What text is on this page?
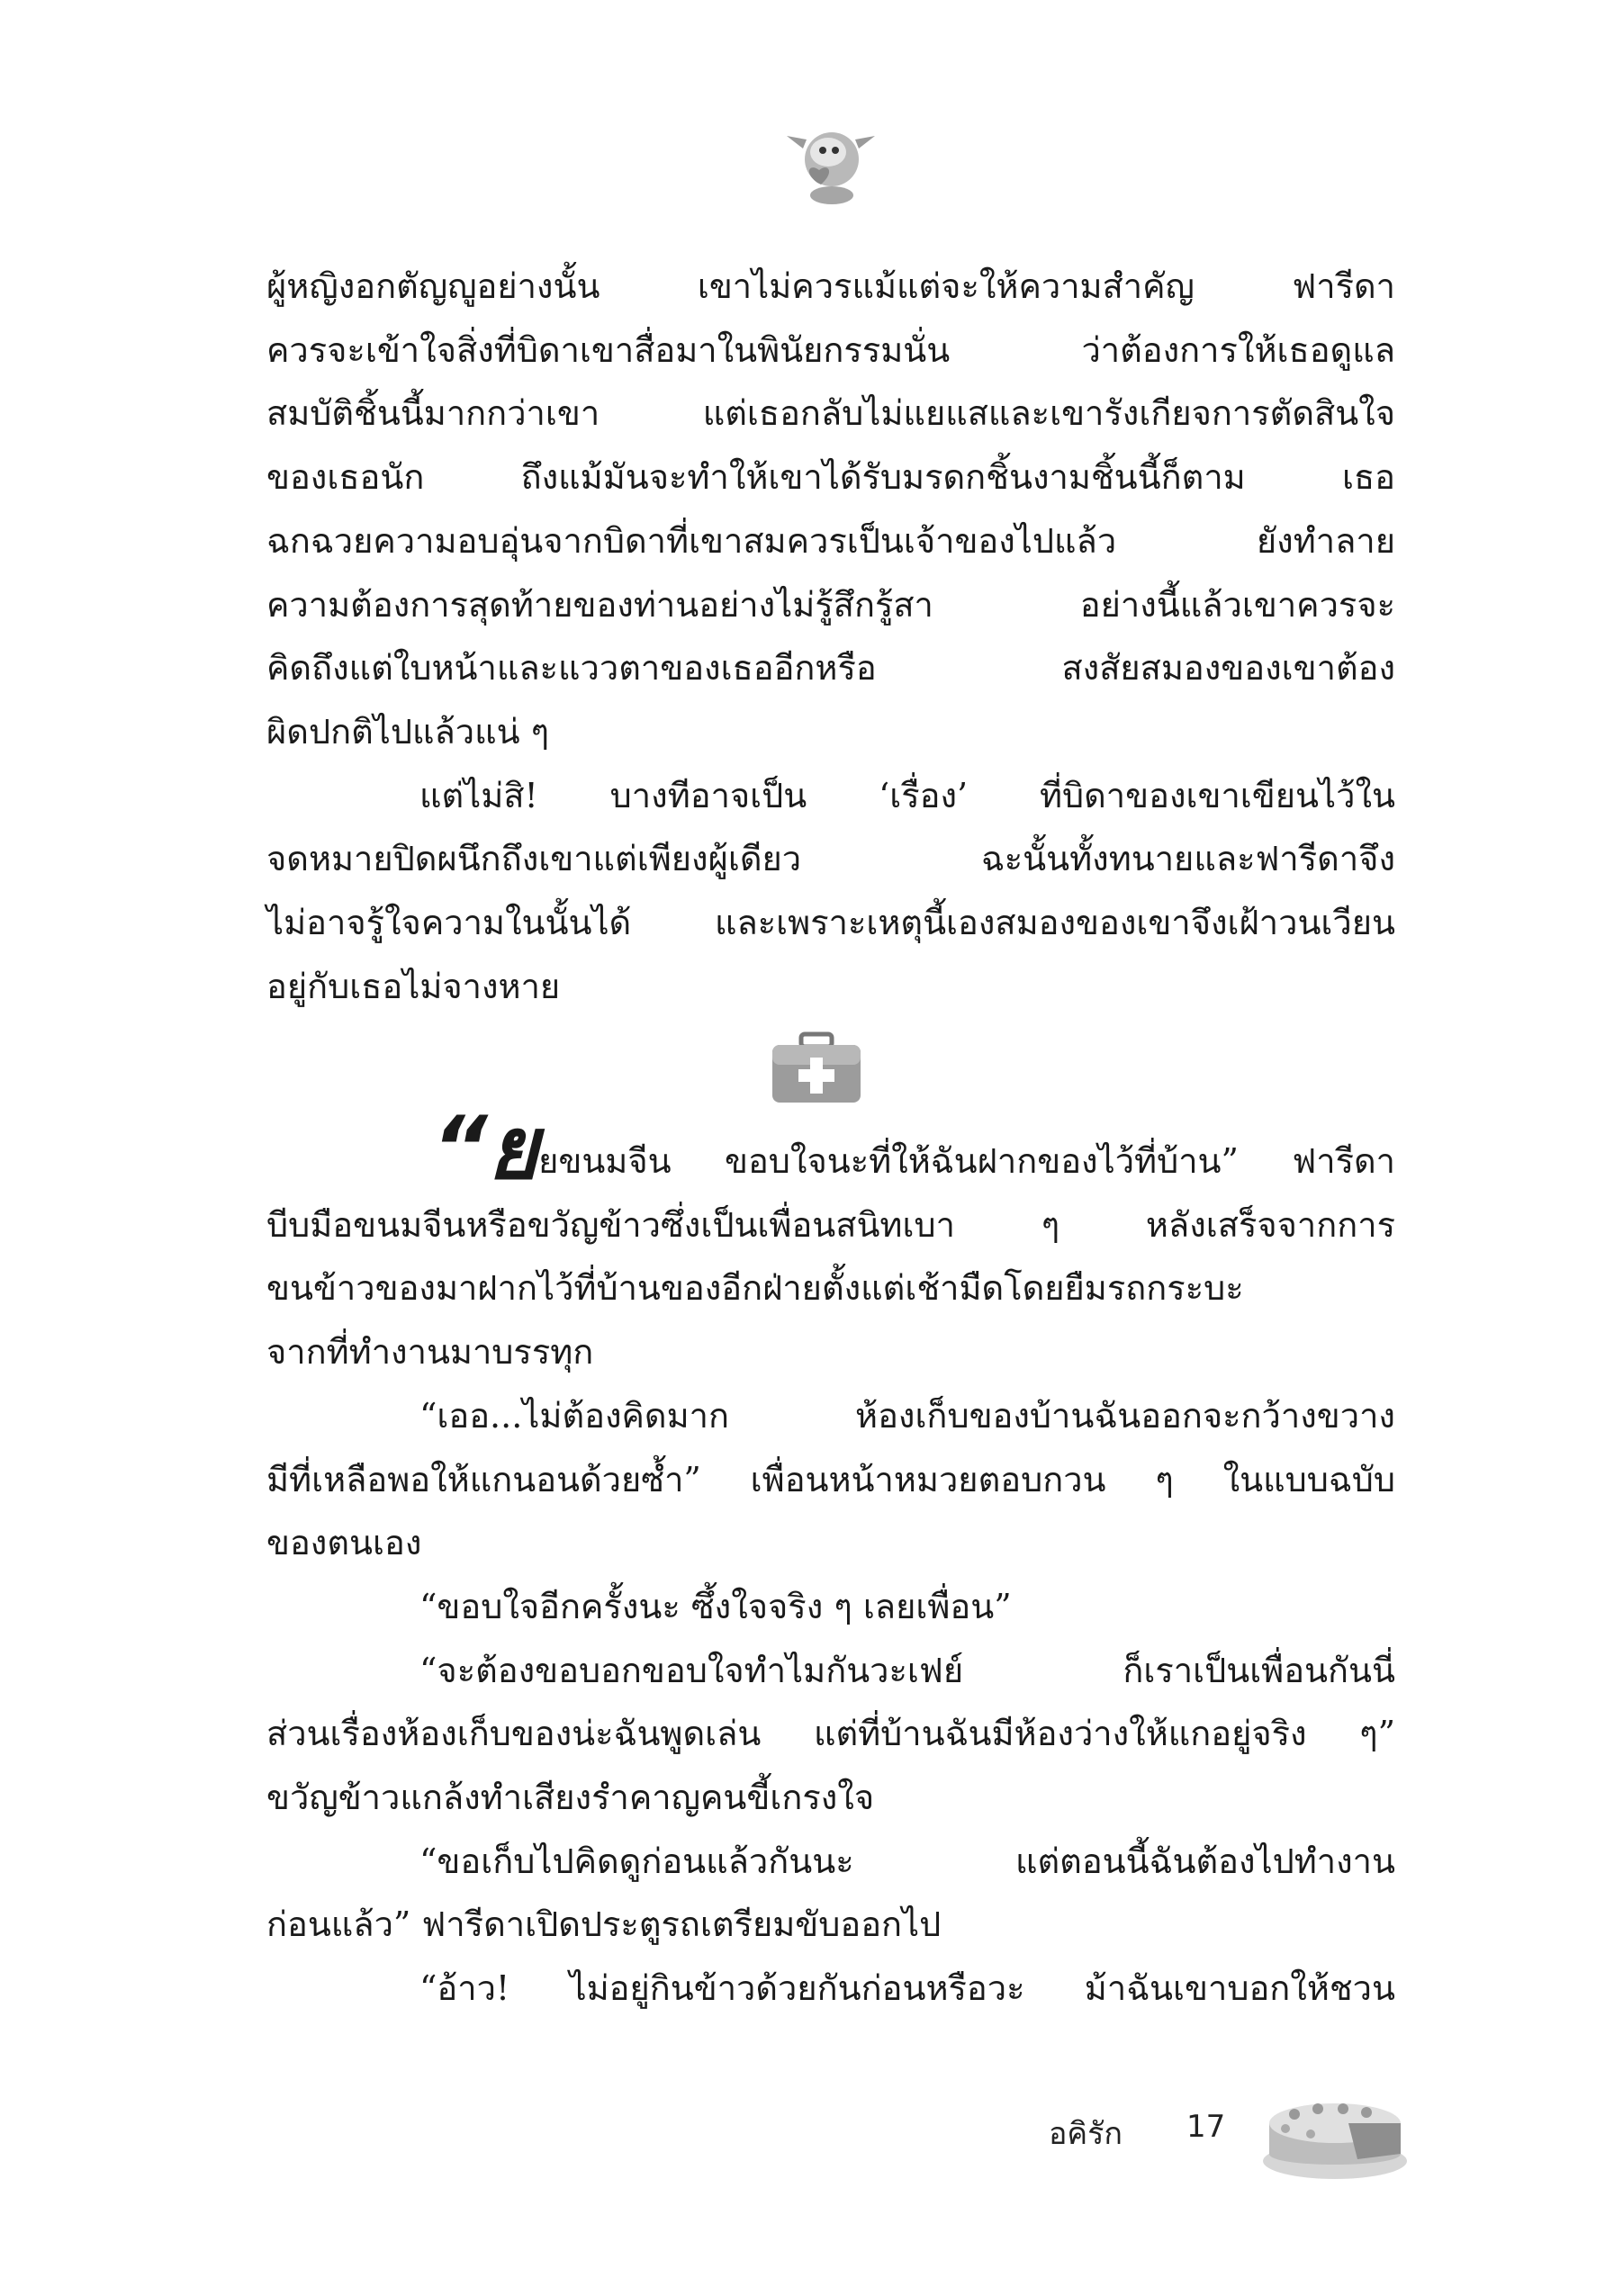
ผู้หญิงอกตัญญูอย่างนั้น เขาไม่ควรแม้แต่จะให้ความสำคัญ ฟารีดา

ควรจะเข้าใจสิ่งที่บิดาเขาสื่อมาในพินัยกรรมนั่น ว่าต้องการให้เธอดูแล

สมบัติชิ้นนี้มากกว่าเขา แต่เธอกลับไม่แยแสและเขารังเกียจการตัดสินใจ

ของเธอนัก ถึงแม้มันจะทำให้เขาได้รับมรดกชิ้นงามชิ้นนี้ก็ตาม เธอ

ฉกฉวยความอบอุ่นจากบิดาที่เขาสมควรเป็นเจ้าของไปแล้ว ยังทำลาย

ความต้องการสุดท้ายของท่านอย่างไม่รู้สึกรู้สา อย่างนี้แล้วเขาควรจะ

คิดถึงแต่ใบหน้าและแววตาของเธออีกหรือ สงสัยสมองของเขาต้อง

ผิดปกติไปแล้วแน่ ๆ

แต่ไม่สิ! บางทีอาจเป็น ‘เรื่อง’ ที่บิดาของเขาเขียนไว้ใน

จดหมายปิดผนึกถึงเขาแต่เพียงผู้เดียว ฉะนั้นทั้งทนายและฟารีดาจึง

ไม่อาจรู้ใจความในนั้นได้ และเพราะเหตุนี้เองสมองของเขาจึงเฝ้าวนเวียน

อยู่กับเธอไม่จางหาย

“ยยขนมจีน ขอบใจนะที่ให้ฉันฝากของไว้ที่บ้าน” ฟารีดา

บีบมือขนมจีนหรือขวัญข้าวซึ่งเป็นเพื่อนสนิทเบา ๆ หลังเสร็จจากการ

ขนข้าวของมาฝากไว้ที่บ้านของอีกฝ่ายตั้งแต่เช้ามืดโดยยืมรถกระบะ

จากที่ทำงานมาบรรทุก

“เออ...ไม่ต้องคิดมาก ห้องเก็บของบ้านฉันออกจะกว้างขวาง

มีที่เหลือพอให้แกนอนด้วยซ้ำ” เพื่อนหน้าหมวยตอบกวน ๆ ในแบบฉบับ

ของตนเอง

“ขอบใจอีกครั้งนะ ซึ้งใจจริง ๆ เลยเพื่อน”

“จะต้องขอบอกขอบใจทำไมกันวะเฟย์ ก็เราเป็นเพื่อนกันนี่

ส่วนเรื่องห้องเก็บของน่ะฉันพูดเล่น แต่ที่บ้านฉันมีห้องว่างให้แกอยู่จริง ๆ”

ขวัญข้าวแกล้งทำเสียงรำคาญคนขี้เกรงใจ

“ขอเก็บไปคิดดูก่อนแล้วกันนะ แต่ตอนนี้ฉันต้องไปทำงาน

ก่อนแล้ว” ฟารีดาเปิดประตูรถเตรียมขับออกไป

“อ้าว! ไม่อยู่กินข้าวด้วยกันก่อนหรือวะ ม้าฉันเขาบอกให้ชวน

อคิรัก 17
